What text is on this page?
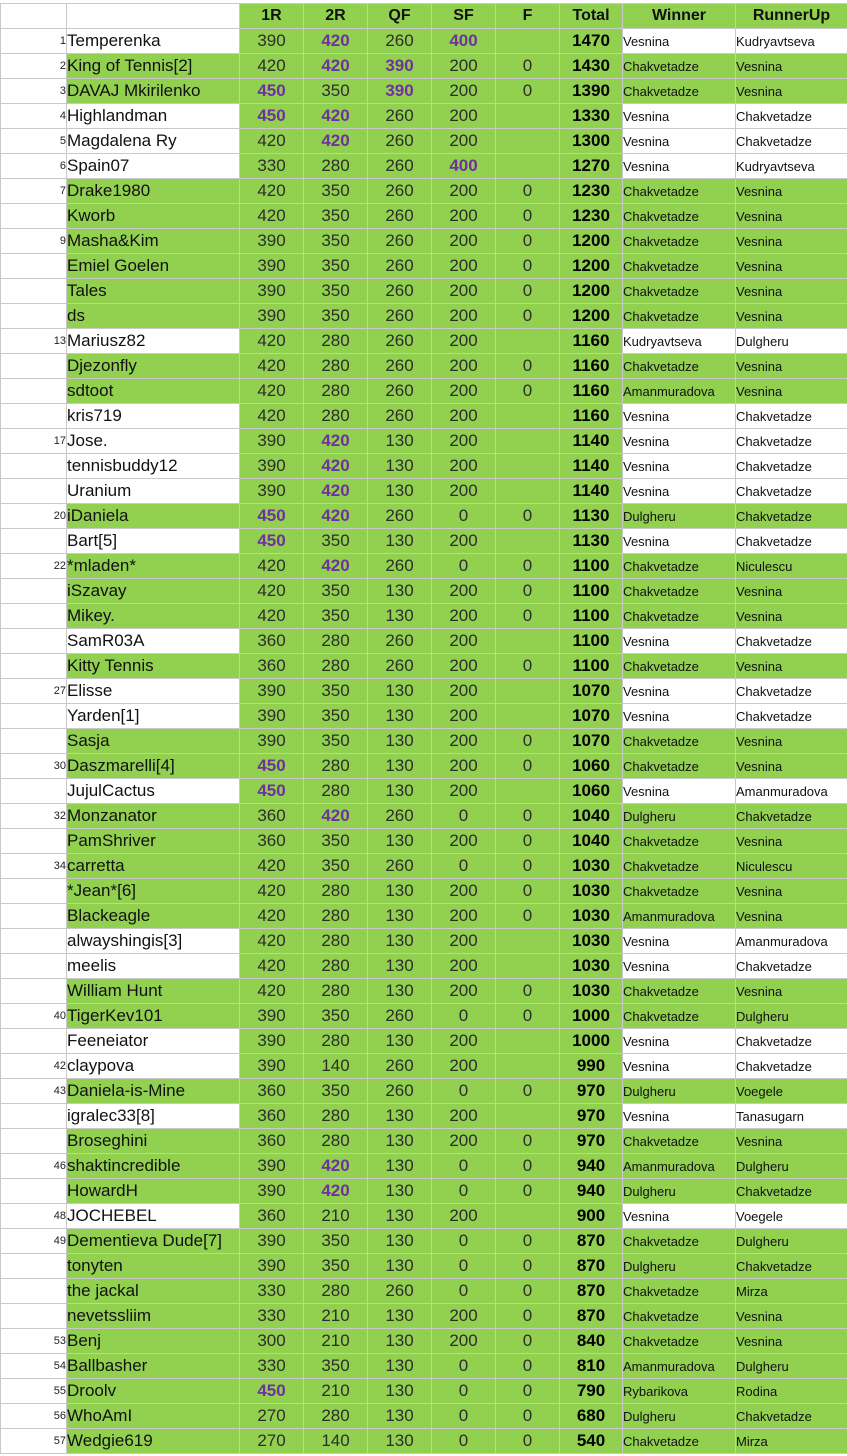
		1R	2R	QF	SF	F	Total	Winner	RunnerUp
1	Temperenka	390	420	260	400		1470	Vesnina	Kudryavtseva
2	King of Tennis[2]	420	420	390	200	0	1430	Chakvetadze	Vesnina
3	DAVAJ Mkirilenko	450	350	390	200	0	1390	Chakvetadze	Vesnina
4	Highlandman	450	420	260	200		1330	Vesnina	Chakvetadze
5	Magdalena Ry	420	420	260	200		1300	Vesnina	Chakvetadze
6	Spain07	330	280	260	400		1270	Vesnina	Kudryavtseva
7	Drake1980	420	350	260	200	0	1230	Chakvetadze	Vesnina
	Kworb	420	350	260	200	0	1230	Chakvetadze	Vesnina
9	Masha&Kim	390	350	260	200	0	1200	Chakvetadze	Vesnina
	Emiel Goelen	390	350	260	200	0	1200	Chakvetadze	Vesnina
	Tales	390	350	260	200	0	1200	Chakvetadze	Vesnina
	ds	390	350	260	200	0	1200	Chakvetadze	Vesnina
13	Mariusz82	420	280	260	200		1160	Kudryavtseva	Dulgheru
	Djezonfly	420	280	260	200	0	1160	Chakvetadze	Vesnina
	sdtoot	420	280	260	200	0	1160	Amanmuradova	Vesnina
	kris719	420	280	260	200		1160	Vesnina	Chakvetadze
17	Jose.	390	420	130	200		1140	Vesnina	Chakvetadze
	tennisbuddy12	390	420	130	200		1140	Vesnina	Chakvetadze
	Uranium	390	420	130	200		1140	Vesnina	Chakvetadze
20	iDaniela	450	420	260	0	0	1130	Dulgheru	Chakvetadze
	Bart[5]	450	350	130	200		1130	Vesnina	Chakvetadze
22	*mladen*	420	420	260	0	0	1100	Chakvetadze	Niculescu
	iSzavay	420	350	130	200	0	1100	Chakvetadze	Vesnina
	Mikey.	420	350	130	200	0	1100	Chakvetadze	Vesnina
	SamR03A	360	280	260	200		1100	Vesnina	Chakvetadze
	Kitty Tennis	360	280	260	200	0	1100	Chakvetadze	Vesnina
27	Elisse	390	350	130	200		1070	Vesnina	Chakvetadze
	Yarden[1]	390	350	130	200		1070	Vesnina	Chakvetadze
	Sasja	390	350	130	200	0	1070	Chakvetadze	Vesnina
30	Daszmarelli[4]	450	280	130	200	0	1060	Chakvetadze	Vesnina
	JujulCactus	450	280	130	200		1060	Vesnina	Amanmuradova
32	Monzanator	360	420	260	0	0	1040	Dulgheru	Chakvetadze
	PamShriver	360	350	130	200	0	1040	Chakvetadze	Vesnina
34	carretta	420	350	260	0	0	1030	Chakvetadze	Niculescu
	*Jean*[6]	420	280	130	200	0	1030	Chakvetadze	Vesnina
	Blackeagle	420	280	130	200	0	1030	Amanmuradova	Vesnina
	alwayshingis[3]	420	280	130	200		1030	Vesnina	Amanmuradova
	meelis	420	280	130	200		1030	Vesnina	Chakvetadze
	William Hunt	420	280	130	200	0	1030	Chakvetadze	Vesnina
40	TigerKev101	390	350	260	0	0	1000	Chakvetadze	Dulgheru
	Feeneiator	390	280	130	200		1000	Vesnina	Chakvetadze
42	claypova	390	140	260	200		990	Vesnina	Chakvetadze
43	Daniela-is-Mine	360	350	260	0	0	970	Dulgheru	Voegele
	igralec33[8]	360	280	130	200		970	Vesnina	Tanasugarn
	Broseghini	360	280	130	200	0	970	Chakvetadze	Vesnina
46	shaktincredible	390	420	130	0	0	940	Amanmuradova	Dulgheru
	HowardH	390	420	130	0	0	940	Dulgheru	Chakvetadze
48	JOCHEBEL	360	210	130	200		900	Vesnina	Voegele
49	Dementieva Dude[7]	390	350	130	0	0	870	Chakvetadze	Dulgheru
	tonyten	390	350	130	0	0	870	Dulgheru	Chakvetadze
	the jackal	330	280	260	0	0	870	Chakvetadze	Mirza
	nevetssliim	330	210	130	200	0	870	Chakvetadze	Vesnina
53	Benj	300	210	130	200	0	840	Chakvetadze	Vesnina
54	Ballbasher	330	350	130	0	0	810	Amanmuradova	Dulgheru
55	Droolv	450	210	130	0	0	790	Rybarikova	Rodina
56	WhoAmI	270	280	130	0	0	680	Dulgheru	Chakvetadze
57	Wedgie619	270	140	130	0	0	540	Chakvetadze	Mirza
